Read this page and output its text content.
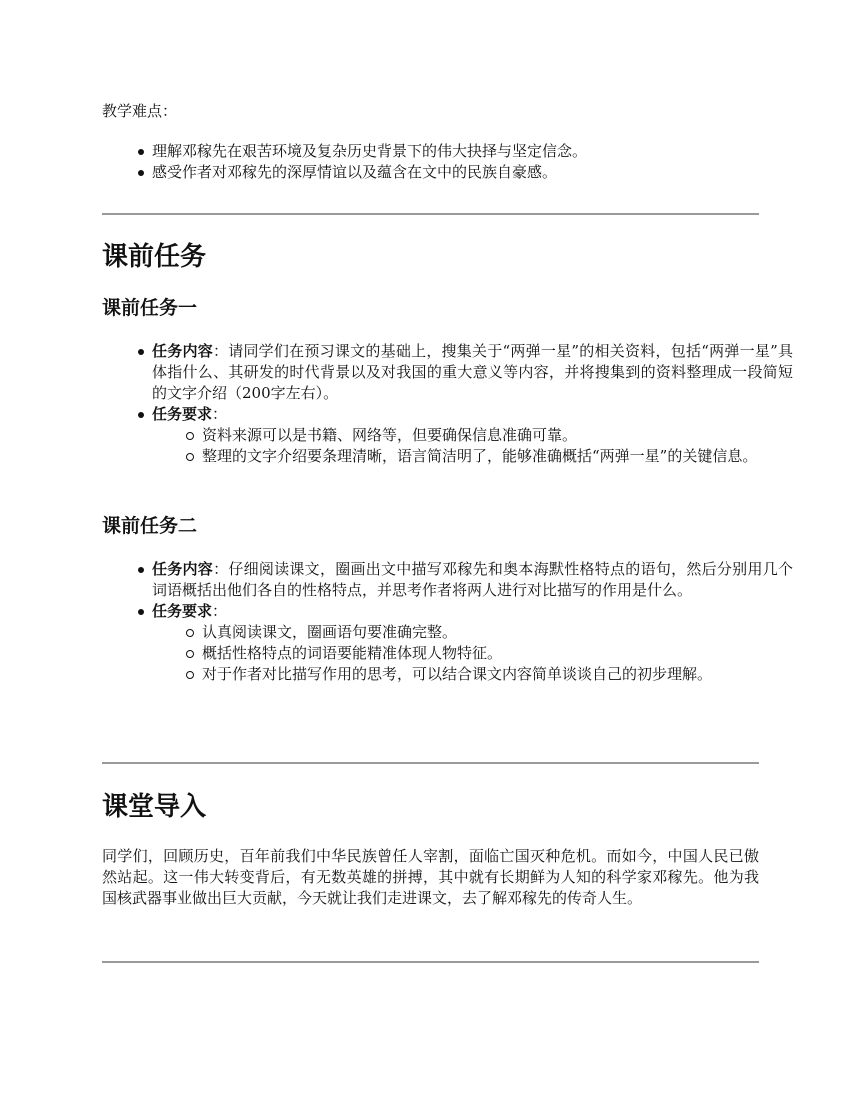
教学难点：

理解邓稼先在艰苦环境及复杂历史背景下的伟大抉择与坚定信念。
感受作者对邓稼先的深厚情谊以及蕴含在文中的民族自豪感。
课前任务
课前任务一
任务内容：请同学们在预习课文的基础上，搜集关于“两弹一星”的相关资料，包括“两弹一星”具体指什么、其研发的时代背景以及对我国的重大意义等内容，并将搜集到的资料整理成一段简短的文字介绍（200字左右）。
任务要求：
资料来源可以是书籍、网络等，但要确保信息准确可靠。
整理的文字介绍要条理清晰，语言简洁明了，能够准确概括“两弹一星”的关键信息。
课前任务二
任务内容：仔细阅读课文，圈画出文中描写邓稼先和奥本海默性格特点的语句，然后分别用几个词语概括出他们各自的性格特点，并思考作者将两人进行对比描写的作用是什么。
任务要求：
认真阅读课文，圈画语句要准确完整。
概括性格特点的词语要能精准体现人物特征。
对于作者对比描写作用的思考，可以结合课文内容简单谈谈自己的初步理解。
课堂导入

同学们，回顾历史，百年前我们中华民族曾任人宰割，面临亡国灭种危机。而如今，中国人民已傲然站起。这一伟大转变背后，有无数英雄的拼搏，其中就有长期鲜为人知的科学家邓稼先。他为我国核武器事业做出巨大贡献，今天就让我们走进课文，去了解邓稼先的传奇人生。
